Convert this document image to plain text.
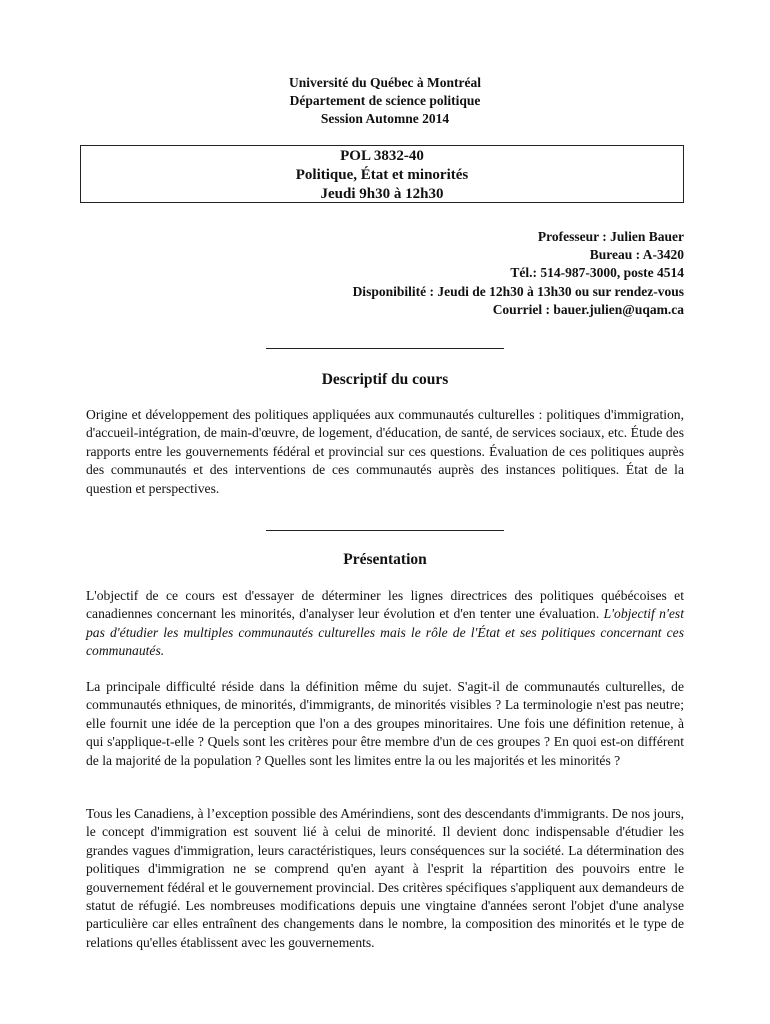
Université du Québec à Montréal
Département de science politique
Session Automne 2014
POL 3832-40
Politique, État et minorités
Jeudi 9h30 à 12h30
Professeur : Julien Bauer
Bureau : A-3420
Tél.: 514-987-3000, poste 4514
Disponibilité : Jeudi de 12h30 à 13h30 ou sur rendez-vous
Courriel : bauer.julien@uqam.ca
Descriptif du cours

Origine et développement des politiques appliquées aux communautés culturelles : politiques d'immigration, d'accueil-intégration, de main-d'œuvre, de logement, d'éducation, de santé, de services sociaux, etc. Étude des rapports entre les gouvernements fédéral et provincial sur ces questions. Évaluation de ces politiques auprès des communautés et des interventions de ces communautés auprès des instances politiques. État de la question et perspectives.

Présentation

L'objectif de ce cours est d'essayer de déterminer les lignes directrices des politiques québécoises et canadiennes concernant les minorités, d'analyser leur évolution et d'en tenter une évaluation. L'objectif n'est pas d'étudier les multiples communautés culturelles mais le rôle de l'État et ses politiques concernant ces communautés.

La principale difficulté réside dans la définition même du sujet. S'agit-il de communautés culturelles, de communautés ethniques, de minorités, d'immigrants, de minorités visibles ? La terminologie n'est pas neutre; elle fournit une idée de la perception que l'on a des groupes minoritaires. Une fois une définition retenue, à qui s'applique-t-elle ? Quels sont les critères pour être membre d'un de ces groupes ? En quoi est-on différent de la majorité de la population ? Quelles sont les limites entre la ou les majorités et les minorités ?

Tous les Canadiens, à l’exception possible des Amérindiens, sont des descendants d'immigrants. De nos jours, le concept d'immigration est souvent lié à celui de minorité. Il devient donc indispensable d'étudier les grandes vagues d'immigration, leurs caractéristiques, leurs conséquences sur la société. La détermination des politiques d'immigration ne se comprend qu'en ayant à l'esprit la répartition des pouvoirs entre le gouvernement fédéral et le gouvernement provincial. Des critères spécifiques s'appliquent aux demandeurs de statut de réfugié. Les nombreuses modifications depuis une vingtaine d'années seront l'objet d'une analyse particulière car elles entraînent des changements dans le nombre, la composition des minorités et le type de relations qu'elles établissent avec les gouvernements.
